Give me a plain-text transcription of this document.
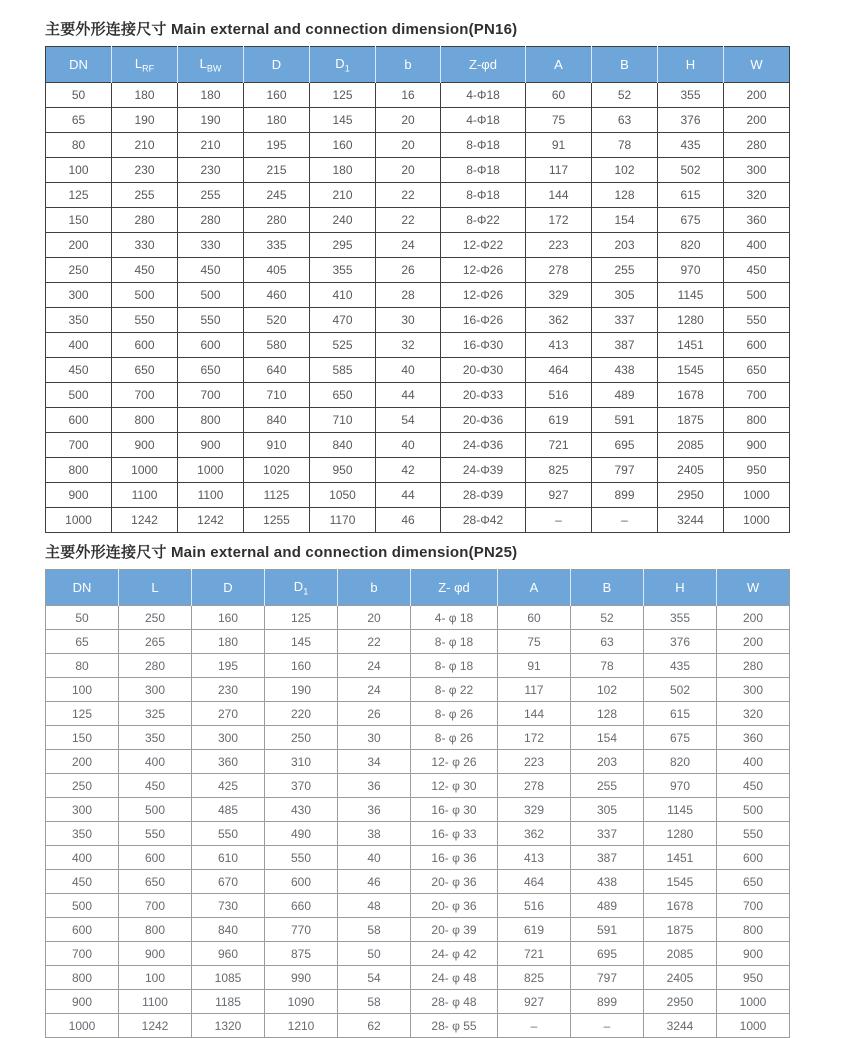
主要外形连接尺寸 Main external and connection dimension(PN16)
DN	$L_{RF}$	$L_{BW}$	D	$D_1$	b	Z-φd	A	B	H	W
50	180	180	160	125	16	4-Φ18	60	52	355	200
65	190	190	180	145	20	4-Φ18	75	63	376	200
80	210	210	195	160	20	8-Φ18	91	78	435	280
100	230	230	215	180	20	8-Φ18	117	102	502	300
125	255	255	245	210	22	8-Φ18	144	128	615	320
150	280	280	280	240	22	8-Φ22	172	154	675	360
200	330	330	335	295	24	12-Φ22	223	203	820	400
250	450	450	405	355	26	12-Φ26	278	255	970	450
300	500	500	460	410	28	12-Φ26	329	305	1145	500
350	550	550	520	470	30	16-Φ26	362	337	1280	550
400	600	600	580	525	32	16-Φ30	413	387	1451	600
450	650	650	640	585	40	20-Φ30	464	438	1545	650
500	700	700	710	650	44	20-Φ33	516	489	1678	700
600	800	800	840	710	54	20-Φ36	619	591	1875	800
700	900	900	910	840	40	24-Φ36	721	695	2085	900
800	1000	1000	1020	950	42	24-Φ39	825	797	2405	950
900	1100	1100	1125	1050	44	28-Φ39	927	899	2950	1000
1000	1242	1242	1255	1170	46	28-Φ42	–	–	3244	1000
主要外形连接尺寸 Main external and connection dimension(PN25)
DN	L	D	$D_1$	b	Z- φd	A	B	H	W
50	250	160	125	20	4- φ 18	60	52	355	200
65	265	180	145	22	8- φ 18	75	63	376	200
80	280	195	160	24	8- φ 18	91	78	435	280
100	300	230	190	24	8- φ 22	117	102	502	300
125	325	270	220	26	8- φ 26	144	128	615	320
150	350	300	250	30	8- φ 26	172	154	675	360
200	400	360	310	34	12- φ 26	223	203	820	400
250	450	425	370	36	12- φ 30	278	255	970	450
300	500	485	430	36	16- φ 30	329	305	1145	500
350	550	550	490	38	16- φ 33	362	337	1280	550
400	600	610	550	40	16- φ 36	413	387	1451	600
450	650	670	600	46	20- φ 36	464	438	1545	650
500	700	730	660	48	20- φ 36	516	489	1678	700
600	800	840	770	58	20- φ 39	619	591	1875	800
700	900	960	875	50	24- φ 42	721	695	2085	900
800	100	1085	990	54	24- φ 48	825	797	2405	950
900	1100	1185	1090	58	28- φ 48	927	899	2950	1000
1000	1242	1320	1210	62	28- φ 55	–	–	3244	1000
